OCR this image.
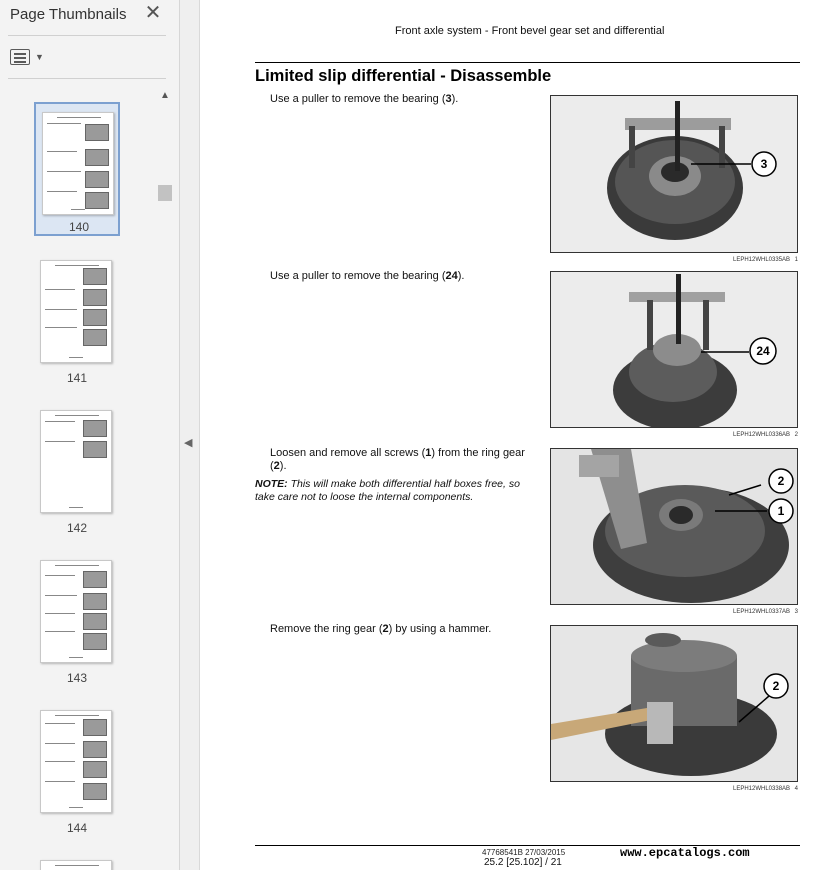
Page Thumbnails ✕
▼
140
141
142
143
144
▲
◀
Front axle system - Front bevel gear set and differential
Limited slip differential - Disassemble
Use a puller to remove the bearing (3).
3
LEPH12WHL0335AB 1
Use a puller to remove the bearing (24).
24
LEPH12WHL0336AB 2
Loosen and remove all screws (1) from the ring gear (2).
NOTE: This will make both differential half boxes free, so take care not to loose the internal components.
2
1
LEPH12WHL0337AB 3
Remove the ring gear (2) by using a hammer.
2
LEPH12WHL0338AB 4
47768541B 27/03/2015
25.2 [25.102] / 21
www.epcatalogs.com
